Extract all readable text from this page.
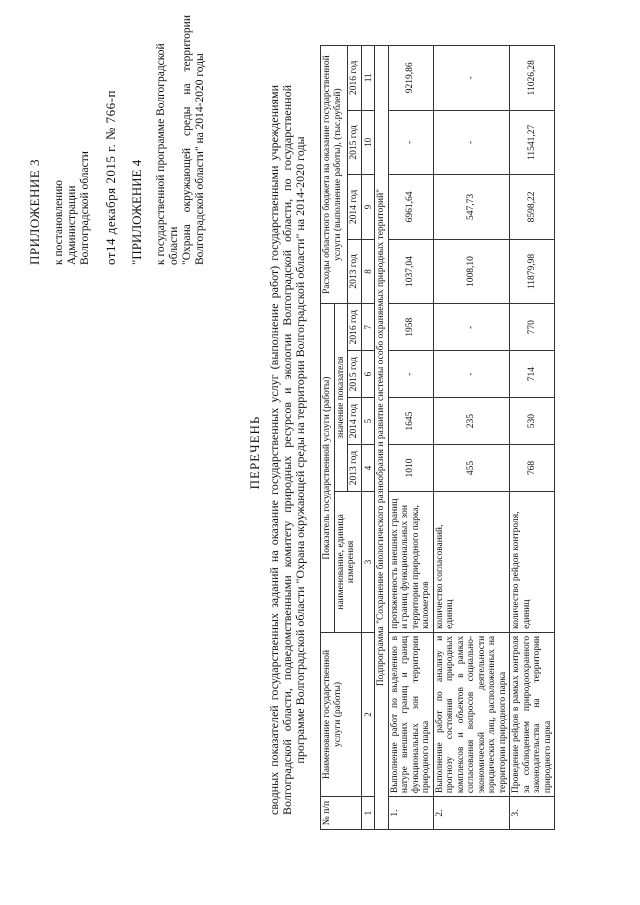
ПРИЛОЖЕНИЕ 3 к постановлению Администрации Волгоградской области от14 декабря 2015 г. № 766-п "ПРИЛОЖЕНИЕ 4 к государственной программе Волгоградской области "Охрана окружающей среды на территории Волгоградской области" на 2014-2020 годы
ПЕРЕЧЕНЬ сводных показателей государственных заданий на оказание государственных услуг (выполнение работ) государственными учреждениями Волгоградской области, подведомственными комитету природных ресурсов и экологии Волгоградской области, по государственной программе Волгоградской области "Охрана окружающей среды на территории Волгоградской области" на 2014-2020 годы
№ п/п	Наименование государственной услуги (работы)	Показатель государственной услуги (работы)					Расходы областного бюджета на оказание государственной услуги (выполнение работы), (тыс.рублей)			
		наименование, единица измерения	значение показателя							
			2013 год	2014 год	2015 год	2016 год	2013 год	2014 год	2015 год	2016 год
1	2	3	4	5	6	7	8	9	10	11
Подпрограмма "Сохранение биологического разнообразия и развитие системы особо охраняемых природных территорий"										
1.	Выполнение работ по выделению в натуре внешних границ и границ функциональных зон территории природного парка	протяженность внешних границ и границ функциональных зон территории природного парка, километров	1010	1645	-	1958	1037,04	6961,64	-	9219,86
2.	Выполнение работ по анализу и прогнозу состояния природных комплексов и объектов в рамках согласования вопросов социально-экономической деятельности юридических лиц, расположенных на территории природного парка	количество согласований, единиц	455	235	-	-	1008,10	547,73	-	-
3.	Проведение рейдов в рамках контроля за соблюдением природоохранного законодательства на территории природного парка	количество рейдов контроля, единиц	768	530	714	770	11879,98	8598,22	11541,27	11026,28
